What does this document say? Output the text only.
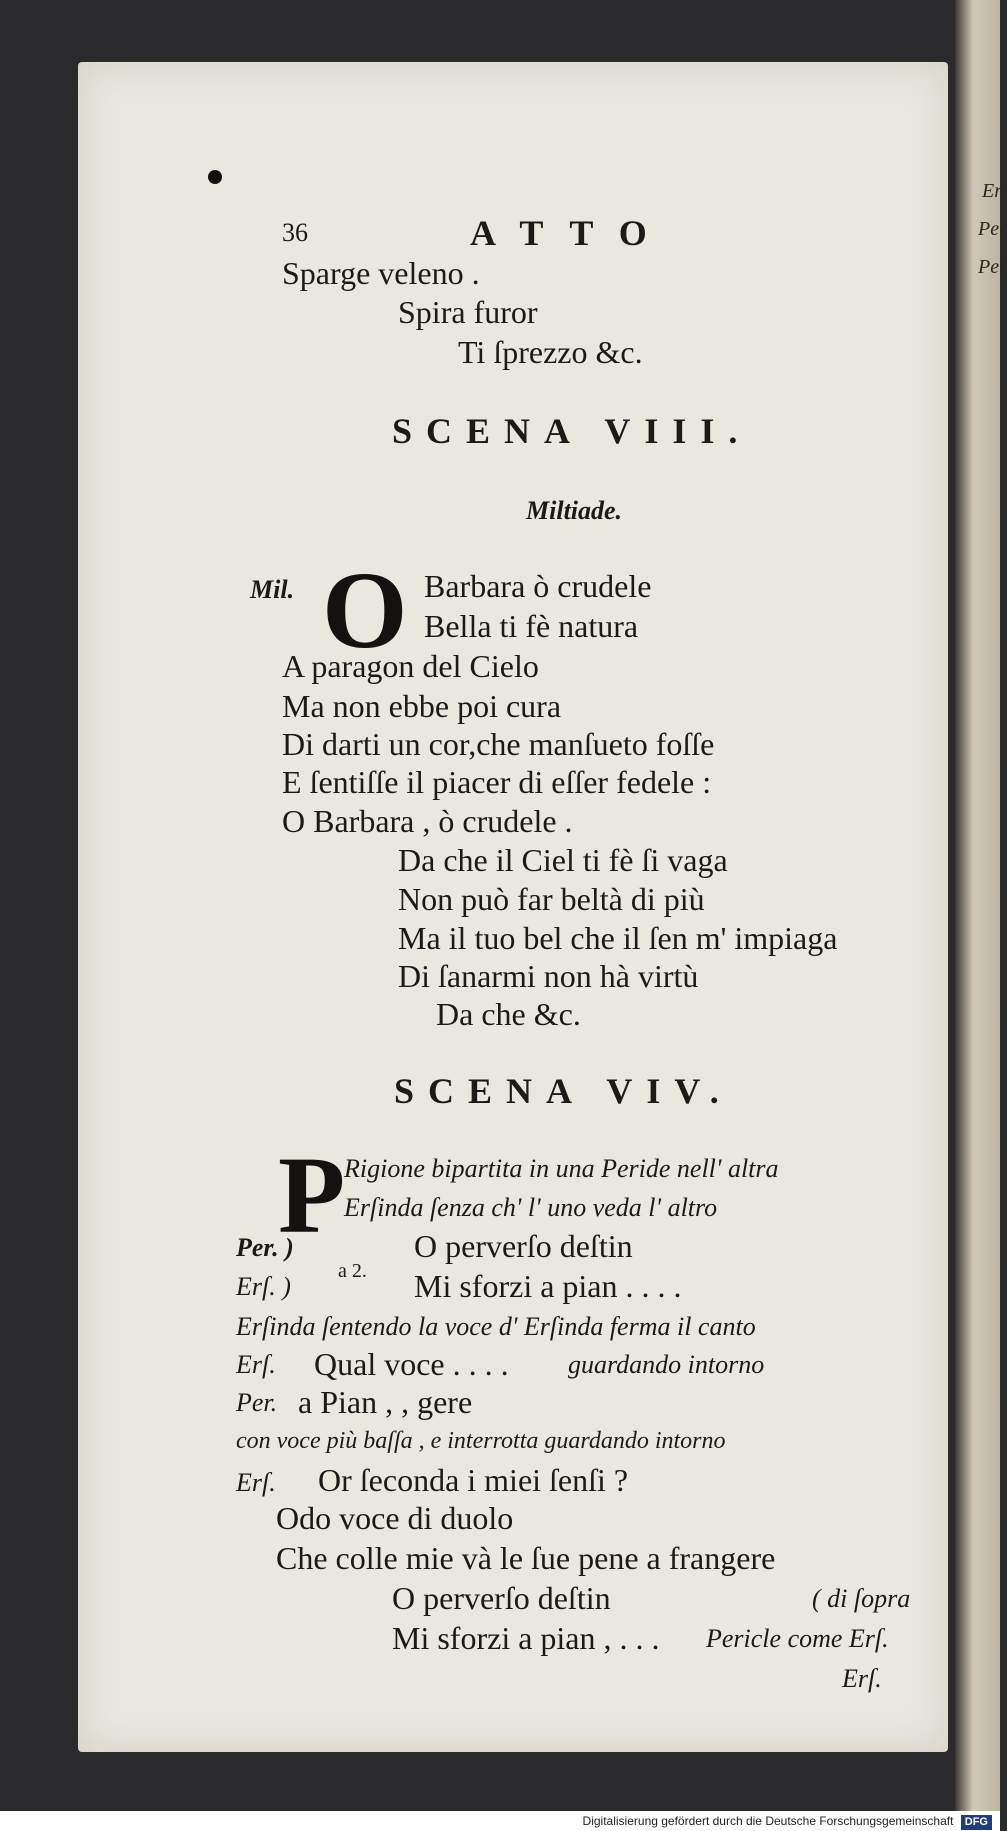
Er
Per
Per
36	ATTO
Sparge veleno .
Spira furor
Ti ſprezzo &c.
SCENA VIII.
Miltiade.
Mil. O Barbara ò crudele
Bella ti fè natura
A paragon del Cielo
Ma non ebbe poi cura
Di darti un cor,che manſueto foſſe
E ſentiſſe il piacer di eſſer fedele :
O Barbara , ò crudele .
Da che il Ciel ti fè ſi vaga
Non può far beltà di più
Ma il tuo bel che il ſen m' impiaga
Di ſanarmi non hà virtù
Da che &c.
SCENA VIV.
P
Rigione bipartita in una Peride nell' altra
Erſinda ſenza ch' l' uno veda l' altro
Per. )	O perverſo deſtin
a 2.
Erſ. )	Mi sforzi a pian . . . .
Erſinda ſentendo la voce d' Erſinda ferma il canto
Erſ. Qual voce . . . . guardando intorno
Per. a Pian , , gere
con voce più baſſa , e interrotta guardando intorno
Erſ. Or ſeconda i miei ſenſi ?
Odo voce di duolo
Che colle mie và le ſue pene a frangere
O perverſo deſtin	( di ſopra
Mi sforzi a pian , . . . Pericle come Erſ.
Erſ.
Digitalisierung gefördert durch die Deutsche Forschungsgemeinschaft DFG
